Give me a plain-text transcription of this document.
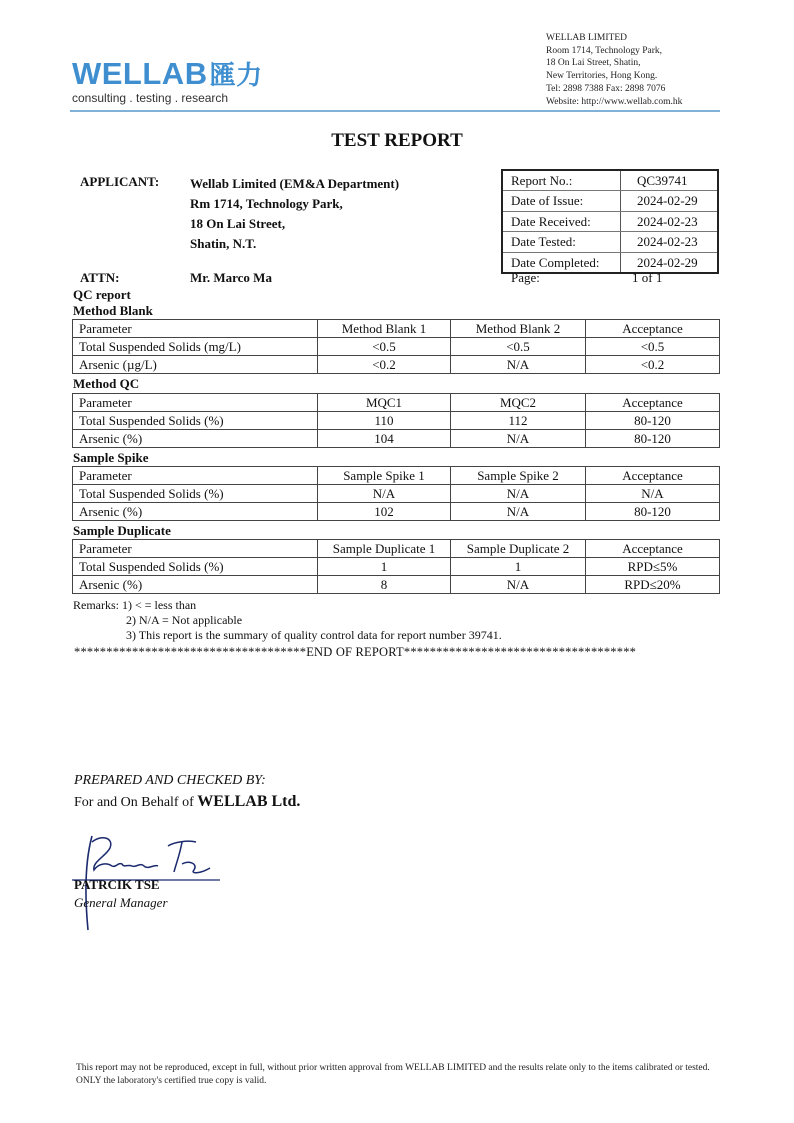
WELLAB匯力
consulting . testing . research
WELLAB LIMITED
Room 1714, Technology Park,
18 On Lai Street, Shatin,
New Territories, Hong Kong.
Tel: 2898 7388 Fax: 2898 7076
Website: http://www.wellab.com.hk
TEST REPORT
APPLICANT: Wellab Limited (EM&A Department)
Rm 1714, Technology Park,
18 On Lai Street,
Shatin, N.T.
ATTN:	Mr. Marco Ma
Report No.:	QC39741
Date of Issue:	2024-02-29
Date Received:	2024-02-23
Date Tested:	2024-02-23
Date Completed:	2024-02-29
Page:	1 of 1
QC report
Method Blank
Parameter	Method Blank 1	Method Blank 2	Acceptance
Total Suspended Solids (mg/L)	<0.5	<0.5	<0.5
Arsenic (µg/L)	<0.2	N/A	<0.2
Method QC
Parameter	MQC1	MQC2	Acceptance
Total Suspended Solids (%)	110	112	80-120
Arsenic (%)	104	N/A	80-120
Sample Spike
Parameter	Sample Spike 1	Sample Spike 2	Acceptance
Total Suspended Solids (%)	N/A	N/A	N/A
Arsenic (%)	102	N/A	80-120
Sample Duplicate
Parameter	Sample Duplicate 1	Sample Duplicate 2	Acceptance
Total Suspended Solids (%)	1	1	RPD≤5%
Arsenic (%)	8	N/A	RPD≤20%
Remarks: 1) < = less than
2) N/A = Not applicable
3) This report is the summary of quality control data for report number 39741.
************************************END OF REPORT************************************
PREPARED AND CHECKED BY:
For and On Behalf of WELLAB Ltd.
PATRCIK TSE
General Manager
This report may not be reproduced, except in full, without prior written approval from WELLAB LIMITED and the results relate only to the items calibrated or tested. ONLY the laboratory's certified true copy is valid.
